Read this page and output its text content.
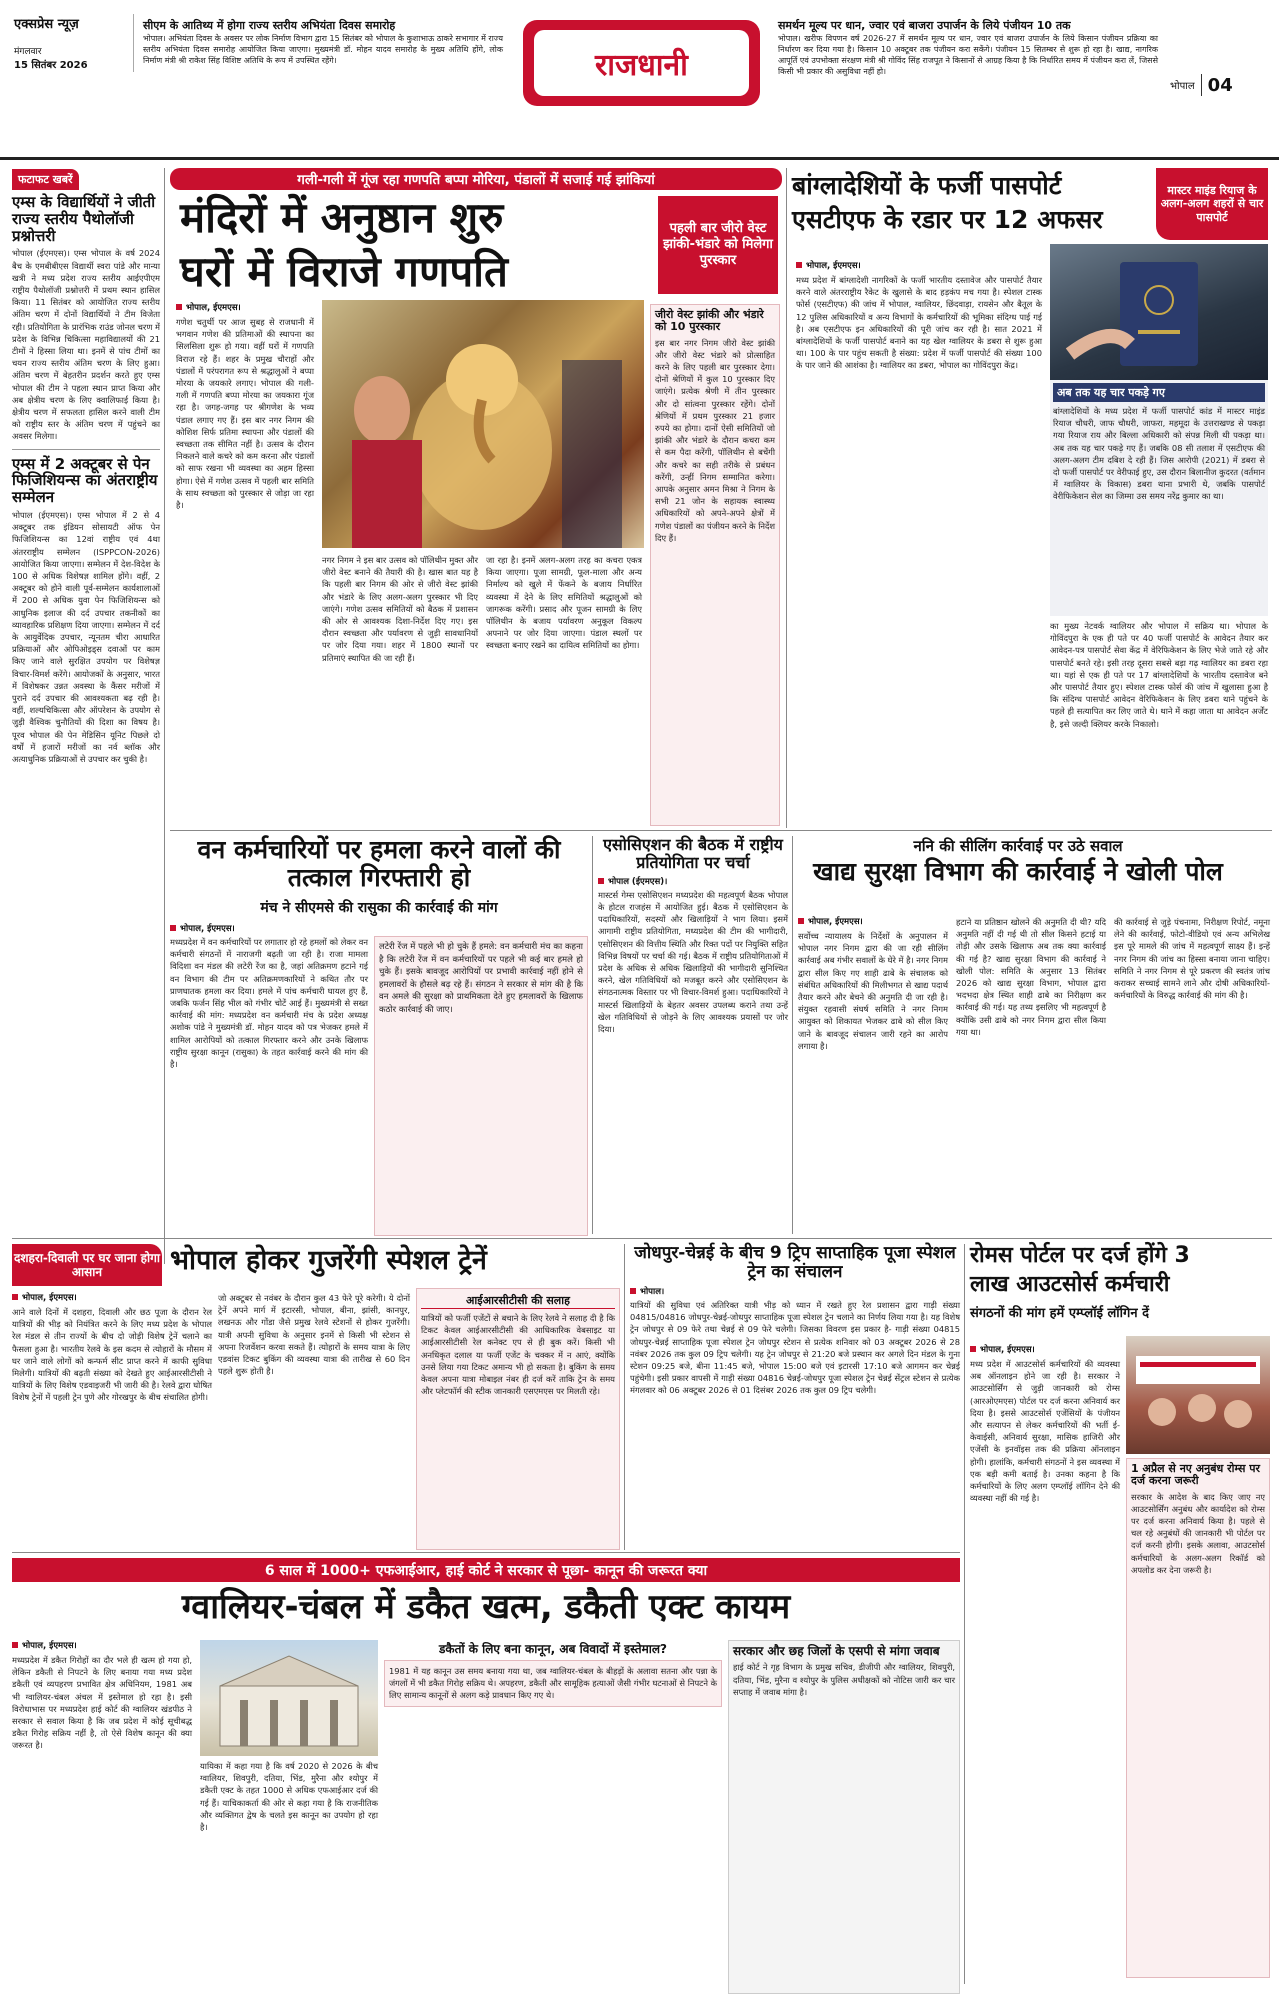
एक्सप्रेस न्यूज़
मंगलवार
15 सितंबर 2026
सीएम के आतिथ्य में होगा राज्य स्तरीय अभियंता दिवस समारोह
भोपाल। अभियंता दिवस के अवसर पर लोक निर्माण विभाग द्वारा 15 सितंबर को भोपाल के कुशाभाऊ ठाकरे सभागार में राज्य स्तरीय अभियंता दिवस समारोह आयोजित किया जाएगा। मुख्यमंत्री डॉ. मोहन यादव समारोह के मुख्य अतिथि होंगे, लोक निर्माण मंत्री श्री राकेश सिंह विशिष्ट अतिथि के रूप में उपस्थित रहेंगे।	राजधानी
समर्थन मूल्य पर धान, ज्वार एवं बाजरा उपार्जन के लिये पंजीयन 10 तक
भोपाल। खरीफ विपणन वर्ष 2026-27 में समर्थन मूल्य पर धान, ज्वार एवं बाजरा उपार्जन के लिये किसान पंजीयन प्रक्रिया का निर्धारण कर दिया गया है। किसान 10 अक्टूबर तक पंजीयन करा सकेंगे। पंजीयन 15 सितम्बर से शुरू हो रहा है। खाद्य, नागरिक आपूर्ति एवं उपभोक्ता संरक्षण मंत्री श्री गोविंद सिंह राजपूत ने किसानों से आग्रह किया है कि निर्धारित समय में पंजीयन करा लें, जिससे किसी भी प्रकार की असुविधा नहीं हो।
भोपाल 04
फटाफट खबरें
एम्स के विद्यार्थियों ने जीती राज्य स्तरीय पैथोलॉजी प्रश्नोत्तरी
भोपाल (ईएमएस)। एम्स भोपाल के वर्ष 2024 बैच के एमबीबीएस विद्यार्थी स्वरा पांडे और मान्या खत्री ने मध्य प्रदेश राज्य स्तरीय आईएपीएम राष्ट्रीय पैथोलॉजी प्रश्नोत्तरी में प्रथम स्थान हासिल किया। 11 सितंबर को आयोजित राज्य स्तरीय अंतिम चरण में दोनों विद्यार्थियों ने टीम विजेता रही। प्रतियोगिता के प्रारंभिक राउंड जोनल चरण में प्रदेश के विभिन्न चिकित्सा महाविद्यालयों की 21 टीमों ने हिस्सा लिया था। इनमें से पांच टीमों का चयन राज्य स्तरीय अंतिम चरण के लिए हुआ। अंतिम चरण में बेहतरीन प्रदर्शन करते हुए एम्स भोपाल की टीम ने पहला स्थान प्राप्त किया और अब क्षेत्रीय चरण के लिए क्वालिफाई किया है। क्षेत्रीय चरण में सफलता हासिल करने वाली टीम को राष्ट्रीय स्तर के अंतिम चरण में पहुंचने का अवसर मिलेगा।
एम्स में 2 अक्टूबर से पेन फिजिशियन्स का अंतराष्ट्रीय सम्मेलन
भोपाल (ईएमएस)। एम्स भोपाल में 2 से 4 अक्टूबर तक इंडियन सोसायटी ऑफ पेन फिजिशियन्स का 12वां राष्ट्रीय एवं 4था अंतरराष्ट्रीय सम्मेलन (ISPPCON-2026) आयोजित किया जाएगा। सम्मेलन में देश-विदेश के 100 से अधिक विशेषज्ञ शामिल होंगे। वहीं, 2 अक्टूबर को होने वाली पूर्व-सम्मेलन कार्यशालाओं में 200 से अधिक युवा पेन फिजिशियन्स को आधुनिक इलाज की दर्द उपचार तकनीकों का व्यावहारिक प्रशिक्षण दिया जाएगा। सम्मेलन में दर्द के आयुर्वेदिक उपचार, न्यूनतम चीरा आधारित प्रक्रियाओं और ओपिओइड्स दवाओं पर काम किए जाने वाले सुरक्षित उपयोग पर विशेषज्ञ विचार-विमर्श करेंगे। आयोजकों के अनुसार, भारत में विशेषकर उन्नत अवस्था के कैंसर मरीजों में पुराने दर्द उपचार की आवश्यकता बढ़ रही है। वहीं, शल्यचिकित्सा और ऑपरेशन के उपयोग से जुड़ी वैश्विक चुनौतियों की दिशा का विषय है। पूरव भोपाल की पेन मेडिसिन यूनिट पिछले दो वर्षों में हजारों मरीजों का नर्व ब्लॉक और अत्याधुनिक प्रक्रियाओं से उपचार कर चुकी है।
गली-गली में गूंज रहा गणपति बप्पा मोरिया, पंडालों में सजाई गई झांकियां
मंदिरों में अनुष्ठान शुरु
घरों में विराजे गणपति
पहली बार जीरो वेस्ट झांकी-भंडारे को मिलेगा पुरस्कार
भोपाल, ईएमएस।
गणेश चतुर्थी पर आज सुबह से राजधानी में भगवान गणेश की प्रतिमाओं की स्थापना का सिलसिला शुरू हो गया। वहीं घरों में गणपति विराज रहे हैं। शहर के प्रमुख चौराहों और पंडालों में परंपरागत रूप से श्रद्धालुओं ने बप्पा मोरया के जयकारे लगाए। भोपाल की गली-गली में गणपति बप्पा मोरया का जयकारा गूंज रहा है। जगह-जगह पर श्रीगणेश के भव्य पंडाल लगाए गए हैं। इस बार नगर निगम की कोशिश सिर्फ प्रतिमा स्थापना और पंडालों की स्वच्छता तक सीमित नहीं है। उत्सव के दौरान निकलने वाले कचरे को कम करना और पंडालों को साफ रखना भी व्यवस्था का अहम हिस्सा होगा। ऐसे में गणेश उत्सव में पहली बार समिति के साथ स्वच्छता को पुरस्कार से जोड़ा जा रहा है।
नगर निगम ने इस बार उत्सव को पॉलिथीन मुक्त और जीरो वेस्ट बनाने की तैयारी की है। खास बात यह है कि पहली बार निगम की ओर से जीरो वेस्ट झांकी और भंडारे के लिए अलग-अलग पुरस्कार भी दिए जाएंगे। गणेश उत्सव समितियों को बैठक में प्रशासन की ओर से आवश्यक दिशा-निर्देश दिए गए। इस दौरान स्वच्छता और पर्यावरण से जुड़ी सावधानियों पर जोर दिया गया। शहर में 1800 स्थानों पर प्रतिमाएं स्थापित की जा रही हैं।
जा रहा है। इनमें अलग-अलग तरह का कचरा एकत्र किया जाएगा। पूजा सामग्री, फूल-माला और अन्य निर्माल्य को खुले में फेंकने के बजाय निर्धारित व्यवस्था में देने के लिए समितियों श्रद्धालुओं को जागरूक करेंगी। प्रसाद और पूजन सामग्री के लिए पॉलिथीन के बजाय पर्यावरण अनुकूल विकल्प अपनाने पर जोर दिया जाएगा। पंडाल स्थलों पर स्वच्छता बनाए रखने का दायित्व समितियों का होगा।
जीरो वेस्ट झांकी और भंडारे को 10 पुरस्कार
इस बार नगर निगम जीरो वेस्ट झांकी और जीरो वेस्ट भंडारे को प्रोत्साहित करने के लिए पहली बार पुरस्कार देगा। दोनों श्रेणियों में कुल 10 पुरस्कार दिए जाएंगे। प्रत्येक श्रेणी में तीन पुरस्कार और दो सांत्वना पुरस्कार रहेंगे। दोनों श्रेणियों में प्रथम पुरस्कार 21 हजार रुपये का होगा। दानों ऐसी समितियों जो झांकी और भंडारे के दौरान कचरा कम से कम पैदा करेंगी, पॉलिथीन से बचेंगी और कचरे का सही तरीके से प्रबंधन करेंगी, उन्हीं निगम सम्मानित करेगा। आपके अनुसार अमन मिश्रा ने निगम के सभी 21 जोन के सहायक स्वास्थ्य अधिकारियों को अपने-अपने क्षेत्रों में गणेश पंडालों का पंजीयन करने के निर्देश दिए हैं।
बांग्लादेशियों के फर्जी पासपोर्ट
एसटीएफ के रडार पर 12 अफसर
मास्टर माइंड रियाज के अलग-अलग शहरों से चार पासपोर्ट
भोपाल, ईएमएस।
मध्य प्रदेश में बांग्लादेशी नागरिकों के फर्जी भारतीय दस्तावेज और पासपोर्ट तैयार करने वाले अंतरराष्ट्रीय रैकेट के खुलासे के बाद हड़कंप मच गया है। स्पेशल टास्क फोर्स (एसटीएफ) की जांच में भोपाल, ग्वालियर, छिंदवाड़ा, रायसेन और बैतूल के 12 पुलिस अधिकारियों व अन्य विभागों के कर्मचारियों की भूमिका संदिग्ध पाई गई है। अब एसटीएफ इन अधिकारियों की पूरी जांच कर रही है। सात 2021 में बांग्लादेशियों के फर्जी पासपोर्ट बनाने का यह खेल ग्वालियर के डबरा से शुरू हुआ था। 100 के पार पहुंच सकती है संख्या: प्रदेश में फर्जी पासपोर्ट की संख्या 100 के पार जाने की आशंका है। ग्वालियर का डबरा, भोपाल का गोविंदपुरा केंद्र।
अब तक यह चार पकड़े गए
बांग्लादेशियों के मध्य प्रदेश में फर्जी पासपोर्ट कांड में मास्टर माइंड रियाज चौधरी, जाफ चौधरी, जाफरा, महमूदा के उत्तराखण्ड से पकड़ा गया रियाज राय और बिल्ला अधिकारी को संपन्न मिली थी पकड़ा था। अब तक यह चार पकड़े गए हैं। जबकि 08 सी तलाश में एसटीएफ की अलग-अलग टीम दबिश दे रही हैं। जिस आरोपी (2021) में डबरा से दो फर्जी पासपोर्ट पर वेरीफाई हुए, उस दौरान बिलानीज कुदरत (वर्तमान में ग्वालियर के विकास) डबरा थाना प्रभारी थे, जबकि पासपोर्ट वेरीफिकेशन सेल का जिम्मा उस समय नरेंद्र कुमार का था।
का मुख्य नेटवर्क ग्वालियर और भोपाल में सक्रिय था। भोपाल के गोविंदपुरा के एक ही पते पर 40 फर्जी पासपोर्ट के आवेदन तैयार कर आवेदन-पत्र पासपोर्ट सेवा केंद्र में वेरिफिकेशन के लिए भेजे जाते रहे और पासपोर्ट बनते रहे। इसी तरह दूसरा सबसे बड़ा गढ़ ग्वालियर का डबरा रहा था। यहां से एक ही पते पर 17 बांग्लादेशियों के भारतीय दस्तावेज बने और पासपोर्ट तैयार हुए। स्पेशल टास्क फोर्स की जांच में खुलासा हुआ है कि संदिग्ध पासपोर्ट आवेदन वेरिफिकेशन के लिए डबरा थाने पहुंचने के पहले ही सत्यापित कर लिए जाते थे। थाने में कहा जाता था आवेदन अर्जेंट है, इसे जल्दी क्लियर करके निकालो।
वन कर्मचारियों पर हमला करने वालों की तत्काल गिरफ्तारी हो
मंच ने सीएमसे की रासुका की कार्रवाई की मांग
भोपाल, ईएमएस।
मध्यप्रदेश में वन कर्मचारियों पर लगातार हो रहे हमलों को लेकर वन कर्मचारी संगठनों में नाराजगी बढ़ती जा रही है। राजा मामला विदिशा वन मंडल की लटेरी रेंज का है, जहां अतिक्रमण हटाने गई वन विभाग की टीम पर अतिक्रमणकारियों ने कथित तौर पर प्राणघातक हमला कर दिया। हमले में पांच कर्मचारी घायल हुए हैं, जबकि फर्जन सिंह भील को गंभीर चोटें आई हैं। मुख्यमंत्री से सख्त कार्रवाई की मांग: मध्यप्रदेश वन कर्मचारी मंच के प्रदेश अध्यक्ष अशोक पांडे ने मुख्यमंत्री डॉ. मोहन यादव को पत्र भेजकर हमले में शामिल आरोपियों को तत्काल गिरफ्तार करने और उनके खिलाफ राष्ट्रीय सुरक्षा कानून (रासुका) के तहत कार्रवाई करने की मांग की है।
लटेरी रेंज में पहले भी हो चुके हैं हमले: वन कर्मचारी मंच का कहना है कि लटेरी रेंज में वन कर्मचारियों पर पहले भी कई बार हमले हो चुके हैं। इसके बावजूद आरोपियों पर प्रभावी कार्रवाई नहीं होने से हमलावरों के हौसले बढ़ रहे हैं। संगठन ने सरकार से मांग की है कि वन अमले की सुरक्षा को प्राथमिकता देते हुए हमलावरों के खिलाफ कठोर कार्रवाई की जाए।
एसोसिएशन की बैठक में राष्ट्रीय प्रतियोगिता पर चर्चा
भोपाल (ईएमएस)।
मास्टर्स गेम्स एसोसिएशन मध्यप्रदेश की महत्वपूर्ण बैठक भोपाल के होटल राजहंस में आयोजित हुई। बैठक में एसोसिएशन के पदाधिकारियों, सदस्यों और खिलाड़ियों ने भाग लिया। इसमें आगामी राष्ट्रीय प्रतियोगिता, मध्यप्रदेश की टीम की भागीदारी, एसोसिएशन की वित्तीय स्थिति और रिक्त पदों पर नियुक्ति सहित विभिन्न विषयों पर चर्चा की गई। बैठक में राष्ट्रीय प्रतियोगिताओं में प्रदेश के अधिक से अधिक खिलाड़ियों की भागीदारी सुनिश्चित करने, खेल गतिविधियों को मजबूत करने और एसोसिएशन के संगठनात्मक विस्तार पर भी विचार-विमर्श हुआ। पदाधिकारियों ने मास्टर्स खिलाड़ियों के बेहतर अवसर उपलब्ध कराने तथा उन्हें खेल गतिविधियों से जोड़ने के लिए आवश्यक प्रयासों पर जोर दिया।
ननि की सीलिंग कार्रवाई पर उठे सवाल
खाद्य सुरक्षा विभाग की कार्रवाई ने खोली पोल
भोपाल, ईएमएस।
सर्वोच्च न्यायालय के निर्देशों के अनुपालन में भोपाल नगर निगम द्वारा की जा रही सीलिंग कार्रवाई अब गंभीर सवालों के घेरे में है। नगर निगम द्वारा सील किए गए शाही ढाबे के संचालक को संबंधित अधिकारियों की मिलीभगत से खाद्य पदार्थ तैयार करने और बेचने की अनुमति दी जा रही है। संयुक्त रहवासी संघर्ष समिति ने नगर निगम आयुक्त को शिकायत भेजकर ढाबे को सील किए जाने के बावजूद संचालन जारी रहने का आरोप लगाया है।
हटाने या प्रतिष्ठान खोलने की अनुमति दी थी? यदि अनुमति नहीं दी गई थी तो सील किसने हटाई या तोड़ी और उसके खिलाफ अब तक क्या कार्रवाई की गई है? खाद्य सुरक्षा विभाग की कार्रवाई ने खोली पोल: समिति के अनुसार 13 सितंबर 2026 को खाद्य सुरक्षा विभाग, भोपाल द्वारा भदभदा क्षेत्र स्थित शाही ढाबे का निरीक्षण कर कार्रवाई की गई। यह तथ्य इसलिए भी महत्वपूर्ण है क्योंकि उसी ढाबे को नगर निगम द्वारा सील किया गया था।
की कार्रवाई से जुड़े पंचनामा, निरीक्षण रिपोर्ट, नमूना लेने की कार्रवाई, फोटो-वीडियो एवं अन्य अभिलेख इस पूरे मामले की जांच में महत्वपूर्ण साक्ष्य हैं। इन्हें नगर निगम की जांच का हिस्सा बनाया जाना चाहिए। समिति ने नगर निगम से पूरे प्रकरण की स्वतंत्र जांच कराकर सच्चाई सामने लाने और दोषी अधिकारियों-कर्मचारियों के विरुद्ध कार्रवाई की मांग की है।
दशहरा-दिवाली पर घर जाना होगा आसान	भोपाल होकर गुजरेंगी स्पेशल ट्रेनें
भोपाल, ईएमएस।
आने वाले दिनों में दशहरा, दिवाली और छठ पूजा के दौरान रेल यात्रियों की भीड़ को नियंत्रित करने के लिए मध्य प्रदेश के भोपाल रेल मंडल से तीन राज्यों के बीच दो जोड़ी विशेष ट्रेनें चलाने का फैसला हुआ है। भारतीय रेलवे के इस कदम से त्योहारों के मौसम में घर जाने वाले लोगों को कन्फर्म सीट प्राप्त करने में काफी सुविधा मिलेगी। यात्रियों की बढ़ती संख्या को देखते हुए आईआरसीटीसी ने यात्रियों के लिए विशेष एडवाइजरी भी जारी की है। रेलवे द्वारा घोषित विशेष ट्रेनों में पहली ट्रेन पुणे और गोरखपुर के बीच संचालित होगी।
जो अक्टूबर से नवंबर के दौरान कुल 43 फेरे पूरे करेगी। ये दोनों ट्रेनें अपने मार्ग में इटारसी, भोपाल, बीना, झांसी, कानपुर, लखनऊ और गोंडा जैसे प्रमुख रेलवे स्टेशनों से होकर गुजरेंगी। यात्री अपनी सुविधा के अनुसार इनमें से किसी भी स्टेशन से अपना रिजर्वेशन करवा सकते हैं। त्योहारों के समय यात्रा के लिए एडवांस टिकट बुकिंग की व्यवस्था यात्रा की तारीख से 60 दिन पहले शुरू होती है।
आईआरसीटीसी की सलाह
यात्रियों को फर्जी एजेंटों से बचाने के लिए रेलवे ने सलाह दी है कि टिकट केवल आईआरसीटीसी की आधिकारिक वेबसाइट या आईआरसीटीसी रेल कनेक्ट एप से ही बुक करें। किसी भी अनधिकृत दलाल या फर्जी एजेंट के चक्कर में न आएं, क्योंकि उनसे लिया गया टिकट अमान्य भी हो सकता है। बुकिंग के समय केवल अपना यात्रा मोबाइल नंबर ही दर्ज करें ताकि ट्रेन के समय और प्लेटफॉर्म की स्टीक जानकारी एसएमएस पर मिलती रहे।
जोधपुर-चेन्नई के बीच 9 ट्रिप साप्ताहिक पूजा स्पेशल ट्रेन का संचालन
भोपाल।
यात्रियों की सुविधा एवं अतिरिक्त यात्री भीड़ को ध्यान में रखते हुए रेल प्रशासन द्वारा गाड़ी संख्या 04815/04816 जोधपुर-चेन्नई-जोधपुर साप्ताहिक पूजा स्पेशल ट्रेन चलाने का निर्णय लिया गया है। यह विशेष ट्रेन जोधपुर से 09 फेरे तथा चेन्नई से 09 फेरे चलेगी। जिसका विवरण इस प्रकार है- गाड़ी संख्या 04815 जोधपुर-चेन्नई साप्ताहिक पूजा स्पेशल ट्रेन जोधपुर स्टेशन से प्रत्येक शनिवार को 03 अक्टूबर 2026 से 28 नवंबर 2026 तक कुल 09 ट्रिप चलेगी। यह ट्रेन जोधपुर से 21:20 बजे प्रस्थान कर अगले दिन मंडल के गुना स्टेशन 09:25 बजे, बीना 11:45 बजे, भोपाल 15:00 बजे एवं इटारसी 17:10 बजे आगमन कर चेन्नई पहुंचेगी। इसी प्रकार वापसी में गाड़ी संख्या 04816 चेन्नई-जोधपुर पूजा स्पेशल ट्रेन चेन्नई सेंट्रल स्टेशन से प्रत्येक मंगलवार को 06 अक्टूबर 2026 से 01 दिसंबर 2026 तक कुल 09 ट्रिप चलेगी।
रोमस पोर्टल पर दर्ज होंगे 3
लाख आउटसोर्स कर्मचारी
संगठनों की मांग हमें एम्प्लॉई लॉगिन दें
भोपाल, ईएमएस।
मध्य प्रदेश में आउटसोर्स कर्मचारियों की व्यवस्था अब ऑनलाइन होने जा रही है। सरकार ने आउटसोर्सिंग से जुड़ी जानकारी को रोम्स (आरओएमएस) पोर्टल पर दर्ज करना अनिवार्य कर दिया है। इससे आउटसोर्स एजेंसियों के पंजीयन और सत्यापन से लेकर कर्मचारियों की भर्ती ई-केवाईसी, अनिवार्य सुरक्षा, मासिक हाजिरी और एजेंसी के इनवॉइस तक की प्रक्रिया ऑनलाइन होगी। हालांकि, कर्मचारी संगठनों ने इस व्यवस्था में एक बड़ी कमी बताई है। उनका कहना है कि कर्मचारियों के लिए अलग एम्प्लॉई लॉगिन देने की व्यवस्था नहीं की गई है।
1 अप्रैल से नए अनुबंध रोम्स पर दर्ज करना जरूरी
सरकार के आदेश के बाद किए जाए नए आउटसोर्सिंग अनुबंध और कार्यादेश को रोम्स पर दर्ज करना अनिवार्य किया है। पहले से चल रहे अनुबंधों की जानकारी भी पोर्टल पर दर्ज करनी होगी। इसके अलावा, आउटसोर्स कर्मचारियों के अलग-अलग रिकॉर्ड को अपलोड कर देना जरूरी है।
6 साल में 1000+ एफआईआर, हाई कोर्ट ने सरकार से पूछा- कानून की जरूरत क्या
ग्वालियर-चंबल में डकैत खत्म, डकैती एक्ट कायम
भोपाल, ईएमएस।
मध्यप्रदेश में डकैत गिरोहों का दौर भले ही खत्म हो गया हो, लेकिन डकैती से निपटने के लिए बनाया गया मध्य प्रदेश डकैती एवं व्यपहरण प्रभावित क्षेत्र अधिनियम, 1981 अब भी ग्वालियर-चंबल अंचल में इस्तेमाल हो रहा है। इसी विरोधाभास पर मध्यप्रदेश हाई कोर्ट की ग्वालियर खंडपीठ ने सरकार से सवाल किया है कि जब प्रदेश में कोई सूचीबद्ध डकैत गिरोह सक्रिय नहीं है, तो ऐसे विशेष कानून की क्या जरूरत है।
यायिका में कहा गया है कि वर्ष 2020 से 2026 के बीच ग्वालियर, शिवपुरी, दतिया, भिंड, मुरैना और श्योपुर में डकैती एक्ट के तहत 1000 से अधिक एफआईआर दर्ज की गई हैं। याचिकाकर्ता की ओर से कहा गया है कि राजनीतिक और व्यक्तिगत द्वेष के चलते इस कानून का उपयोग हो रहा है।
डकैतों के लिए बना कानून, अब विवादों में इस्तेमाल?
1981 में यह कानून उस समय बनाया गया था, जब ग्वालियर-चंबल के बीहड़ों के अलावा सतना और पन्ना के जंगलों में भी डकैत गिरोह सक्रिय थे। अपहरण, डकैती और सामूहिक हत्याओं जैसी गंभीर घटनाओं से निपटने के लिए सामान्य कानूनों से अलग कड़े प्रावधान किए गए थे।
सरकार और छह जिलों के एसपी से मांगा जवाब
हाई कोर्ट ने गृह विभाग के प्रमुख सचिव, डीजीपी और ग्वालियर, शिवपुरी, दतिया, भिंड, मुरैना व श्योपुर के पुलिस अधीक्षकों को नोटिस जारी कर चार सप्ताह में जवाब मांगा है।
